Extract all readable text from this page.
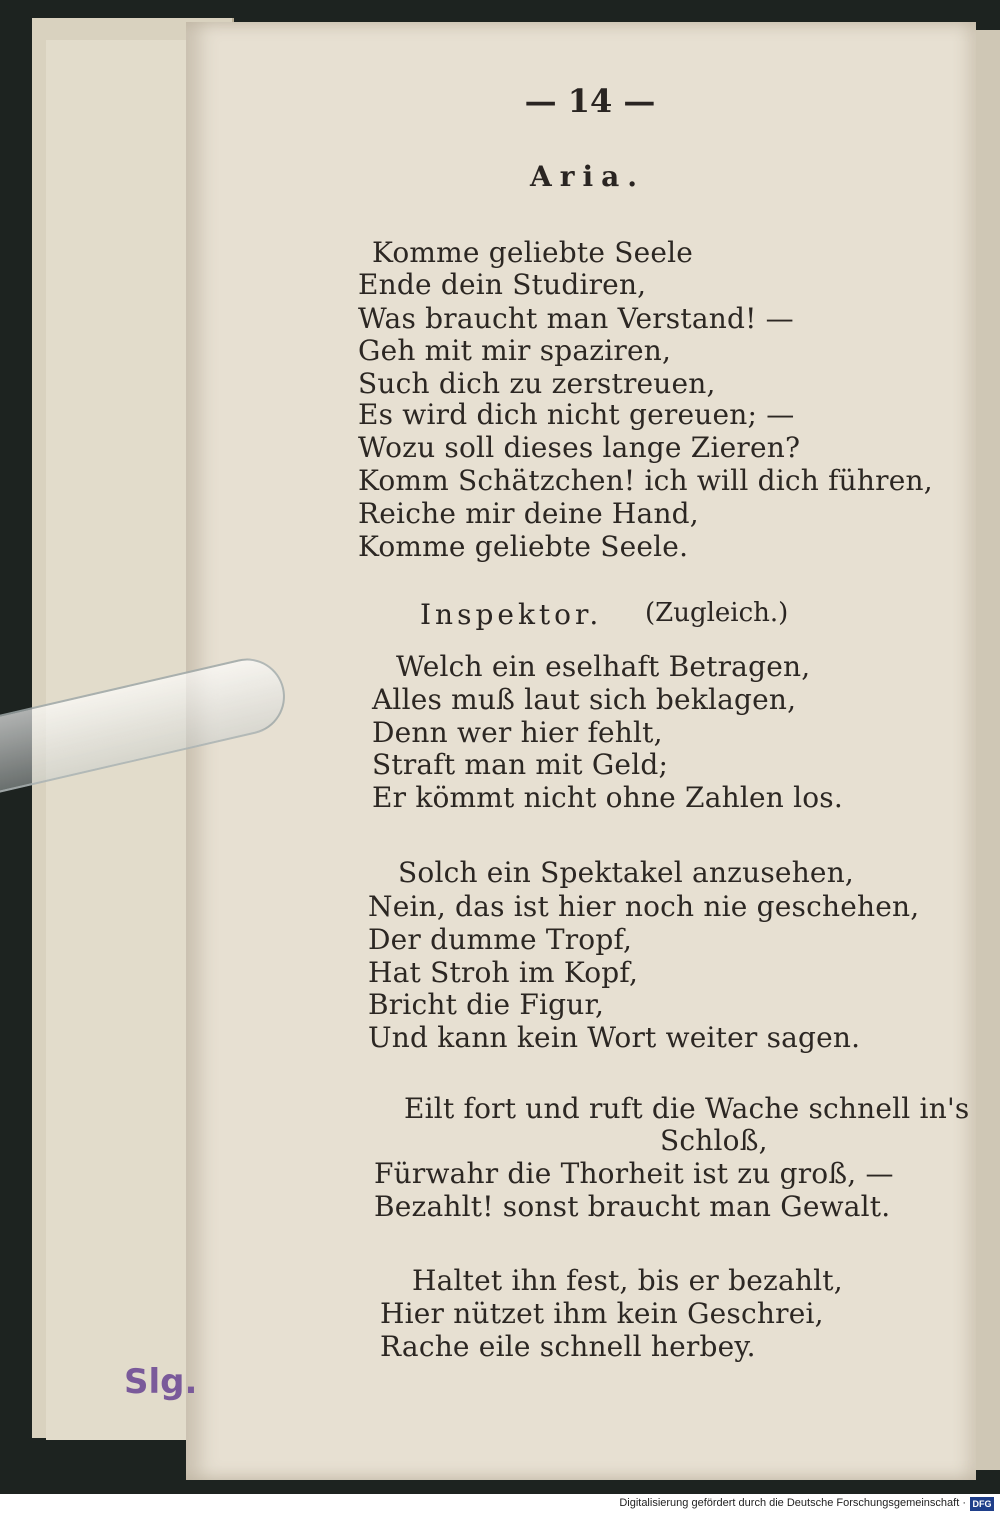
— 14 —
Aria.
Komme geliebte Seele
Ende dein Studiren,
Was braucht man Verstand! —
Geh mit mir spaziren,
Such dich zu zerstreuen,
Es wird dich nicht gereuen; —
Wozu soll dieses lange Zieren?
Komm Schätzchen! ich will dich führen,
Reiche mir deine Hand,
Komme geliebte Seele.
Inspektor. (Zugleich.)
Welch ein eselhaft Betragen,
Alles muß laut sich beklagen,
Denn wer hier fehlt,
Straft man mit Geld;
Er kömmt nicht ohne Zahlen los.
Solch ein Spektakel anzusehen,
Nein, das ist hier noch nie geschehen,
Der dumme Tropf,
Hat Stroh im Kopf,
Bricht die Figur,
Und kann kein Wort weiter sagen.
Eilt fort und ruft die Wache schnell in's
Schloß,
Fürwahr die Thorheit ist zu groß, —
Bezahlt! sonst braucht man Gewalt.
Haltet ihn fest, bis er bezahlt,
Hier nützet ihm kein Geschrei,
Rache eile schnell herbey.
Slg.
Digitalisierung gefördert durch die Deutsche Forschungsgemeinschaft · DFG
